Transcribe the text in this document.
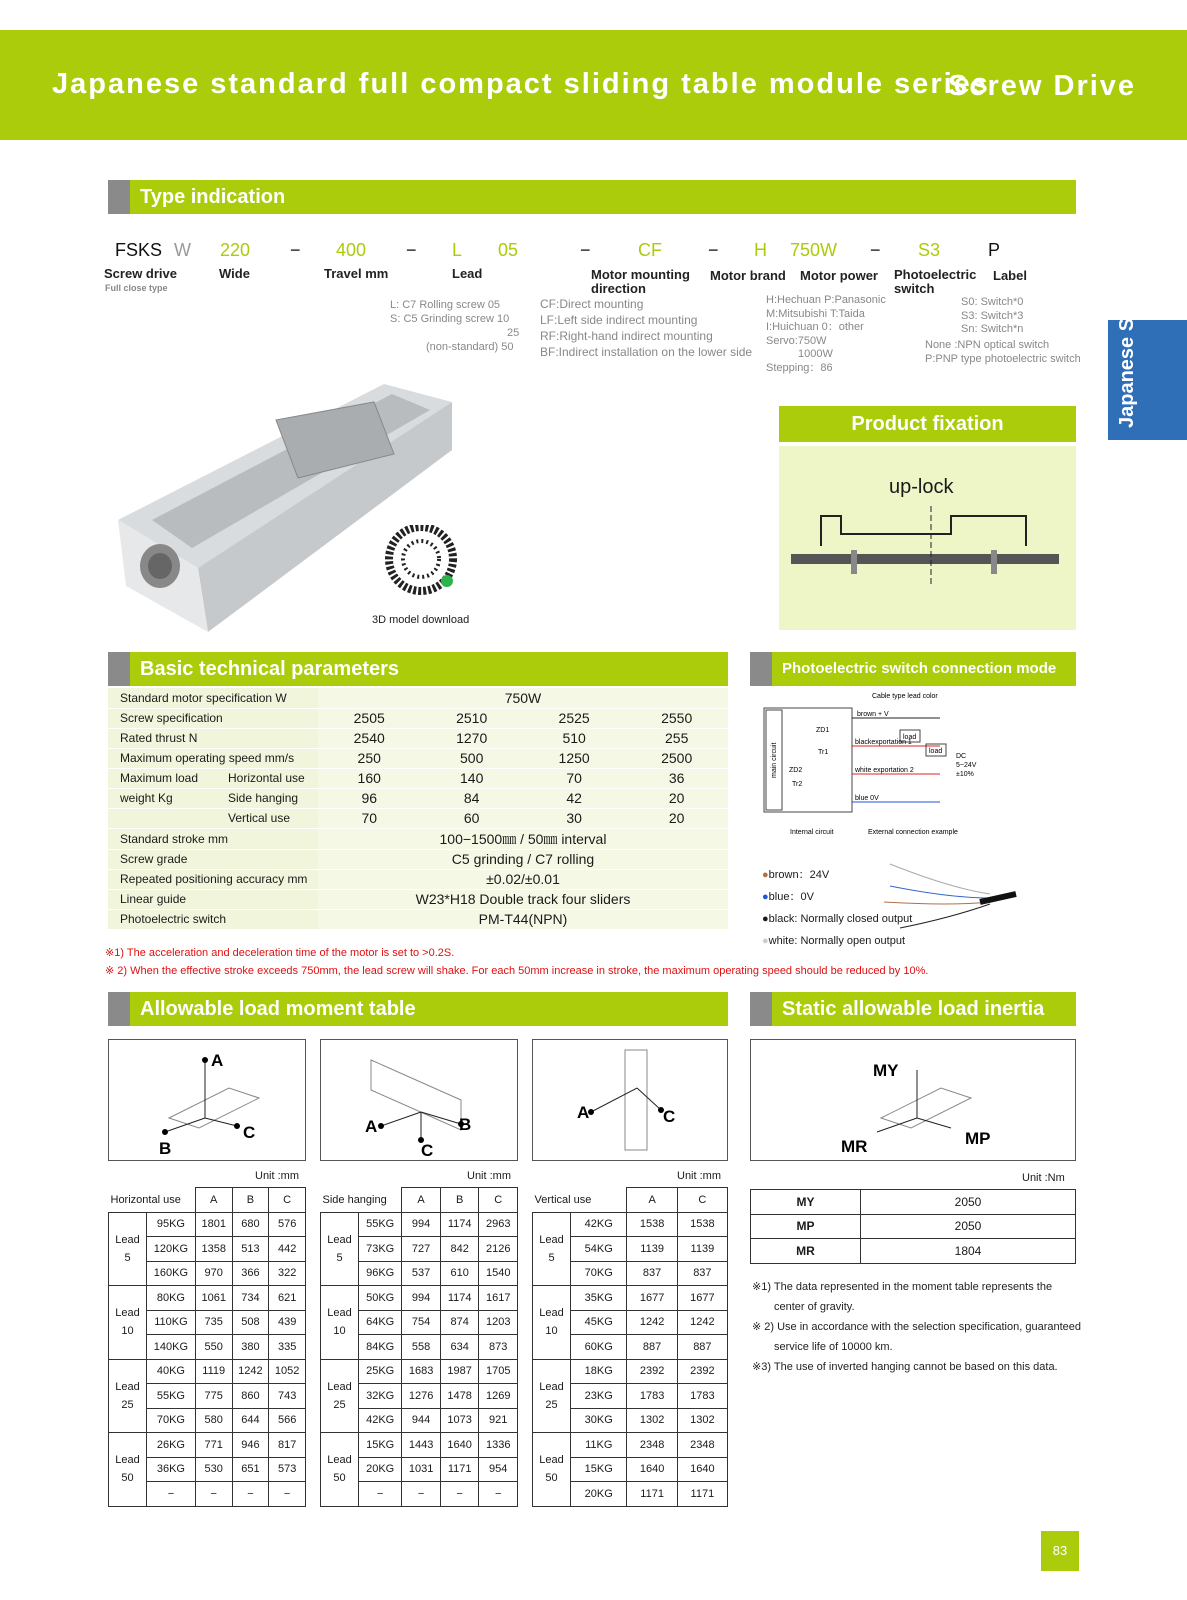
Japanese standard full compact sliding table module series
Screw Drive
Japanese Screw
Type indication
FSKS W 220 − 400 − L 05	−	CF	− H 750W − S3	P
Screw drive
Full close type
Wide	Travel mm	Lead	Motor mounting direction
Motor brand Motor power Photoelectric switch
Label
L: C7 Rolling screw 05
S: C5 Grinding screw 10
25
(non-standard) 50
CF:Direct mounting
LF:Left side indirect mounting
RF:Right-hand indirect mounting
BF:Indirect installation on the lower side
H:Hechuan P:Panasonic
M:Mitsubishi T:Taida
I:Huichuan 0：other
Servo:750W
1000W
Stepping：86
S0: Switch*0
S3: Switch*3
Sn: Switch*n
None :NPN optical switch
P:PNP type photoelectric switch
3D model download
Product fixation
up-lock
Basic technical parameters
Standard motor specification W		750W			
Screw specification		2505	2510	2525	2550
Rated thrust N		2540	1270	510	255
Maximum operating speed mm/s		250	500	1250	2500
Maximum load	Horizontal use	160	140	70	36
weight Kg	Side hanging	96	84	42	20
	Vertical use	70	60	30	20
Standard stroke mm		100−1500㎜ / 50㎜ interval			
Screw grade		C5 grinding / C7 rolling			
Repeated positioning accuracy mm		±0.02/±0.01			
Linear guide		W23*H18 Double track four sliders			
Photoelectric switch		PM-T44(NPN)			
※1) The acceleration and deceleration time of the motor is set to >0.2S.
※ 2) When the effective stroke exceeds 750mm, the lead screw will shake. For each 50mm increase in stroke, the maximum operating speed should be reduced by 10%.
Photoelectric switch connection mode
main circuit
Cable type lead color
brown + V
blackexportation 1
white exportation 2
blue 0V
load
load
DC
5~24V
±10%
ZD1
ZD2
Tr1
Tr2
Internal circuit	External connection example
●brown：24V
●blue：0V
●black: Normally closed output
●white: Normally open output
Allowable load moment table
A
B
C	A	B
C
A	C
Unit :mm	Unit :mm	Unit :mm
Horizontal use		A	B	C
Lead 5	95KG	1801	680	576
	120KG	1358	513	442
	160KG	970	366	322
Lead 10	80KG	1061	734	621
	110KG	735	508	439
	140KG	550	380	335
Lead 25	40KG	1119	1242	1052
	55KG	775	860	743
	70KG	580	644	566
Lead 50	26KG	771	946	817
	36KG	530	651	573
	−	−	−	−
Side hanging		A	B	C
Lead 5	55KG	994	1174	2963
	73KG	727	842	2126
	96KG	537	610	1540
Lead 10	50KG	994	1174	1617
	64KG	754	874	1203
	84KG	558	634	873
Lead 25	25KG	1683	1987	1705
	32KG	1276	1478	1269
	42KG	944	1073	921
Lead 50	15KG	1443	1640	1336
	20KG	1031	1171	954
	−	−	−	−
Vertical use		A	C
Lead 5	42KG	1538	1538
	54KG	1139	1139
	70KG	837	837
Lead 10	35KG	1677	1677
	45KG	1242	1242
	60KG	887	887
Lead 25	18KG	2392	2392
	23KG	1783	1783
	30KG	1302	1302
Lead 50	11KG	2348	2348
	15KG	1640	1640
	20KG	1171	1171
Static allowable load inertia
MY
MR	MP
Unit :Nm
MY	2050
MP	2050
MR	1804
※1) The data represented in the moment table represents the
center of gravity.
※ 2) Use in accordance with the selection specification, guaranteed
service life of 10000 km.
※3) The use of inverted hanging cannot be based on this data.
83
